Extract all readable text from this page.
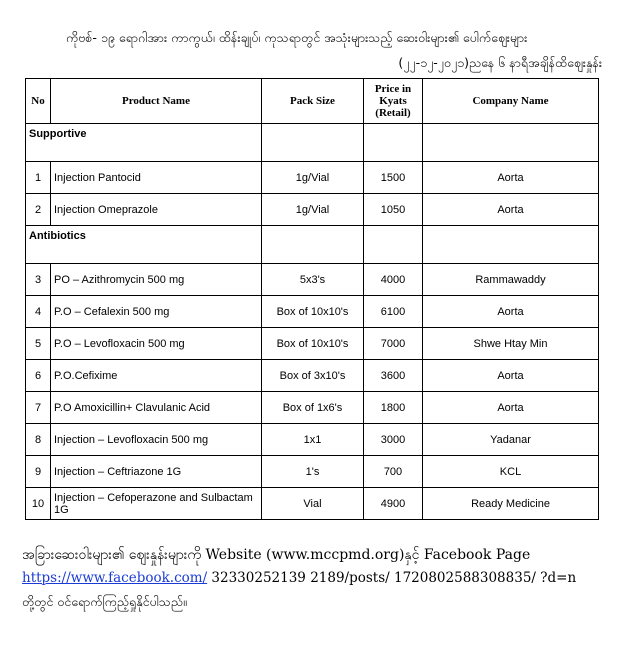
ကိုဗစ်- ၁၉ ရောဂါအား ကာကွယ်၊ ထိန်းချုပ်၊ ကုသရာတွင် အသုံးများသည့် ဆေးဝါးများ၏ ပေါက်ဈေးများ
(၂၂-၁၂-၂၀၂၁)ညနေ ၆ နာရီအချိန်ထိဈေးနှုန်း
No	Product Name	Pack Size	Price in Kyats (Retail)	Company Name
Supportive				
1	Injection Pantocid	1g/Vial	1500	Aorta
2	Injection Omeprazole	1g/Vial	1050	Aorta
Antibiotics				
3	PO – Azithromycin 500 mg	5x3's	4000	Rammawaddy
4	P.O – Cefalexin 500 mg	Box of 10x10's	6100	Aorta
5	P.O – Levofloxacin 500 mg	Box of 10x10's	7000	Shwe Htay Min
6	P.O.Cefixime	Box of 3x10's	3600	Aorta
7	P.O Amoxicillin+ Clavulanic Acid	Box of 1x6's	1800	Aorta
8	Injection – Levofloxacin 500 mg	1x1	3000	Yadanar
9	Injection – Ceftriazone 1G	1's	700	KCL
10	Injection – Cefoperazone and Sulbactam 1G	Vial	4900	Ready Medicine
အခြားဆေးဝါးများ၏ ဈေးနှုန်းများကို Website (www.mccpmd.org)နှင့် Facebook Page
https://www.facebook.com/ 32330252139 2189/posts/ 1720802588308835/ ?d=n
တို့တွင် ဝင်ရောက်ကြည့်ရှုနိုင်ပါသည်။
